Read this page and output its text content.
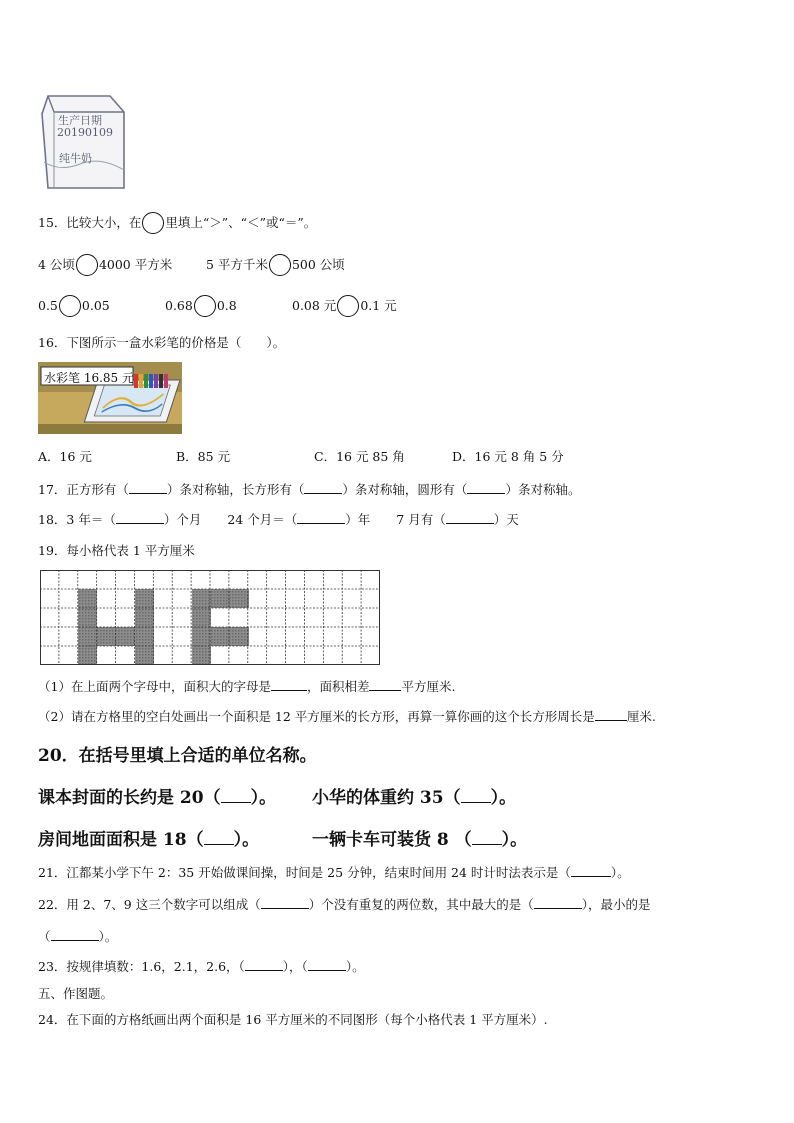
生产日期
20190109
纯牛奶
15．比较大小，在 里填上“＞”、“＜”或“＝”。
4 公顷 4000 平方米	5 平方千米 500 公顷
0.5 0.05	0.68 0.8	0.08 元 0.1 元
16．下图所示一盒水彩笔的价格是（　　）。
水彩笔 16.85 元
A．16 元	B．85 元	C．16 元 85 角	D．16 元 8 角 5 分
17．正方形有（	）条对称轴，长方形有（	）条对称轴，圆形有（	）条对称轴。
18．3 年＝（	）个月 24 个月＝（	）年 7 月有（	）天
19．每小格代表 1 平方厘米
（1）在上面两个字母中，面积大的字母是	，面积相差	平方厘米.
（2）请在方格里的空白处画出一个面积是 12 平方厘米的长方形，再算一算你画的这个长方形周长是	厘米.
20．在括号里填上合适的单位名称。
课本封面的长约是 20（ ）。 小华的体重约 35（ ）。
房间地面面积是 18（ ）。	一辆卡车可装货 8 （ ）。
21．江都某小学下午 2：35 开始做课间操，时间是 25 分钟，结束时间用 24 时计时法表示是（	）。
22．用 2、7、9 这三个数字可以组成（	）个没有重复的两位数，其中最大的是（	），最小的是
（	）。
23．按规律填数：1.6，2.1，2.6，（	），（	）。
五、作图题。
24．在下面的方格纸画出两个面积是 16 平方厘米的不同图形（每个小格代表 1 平方厘米）.
